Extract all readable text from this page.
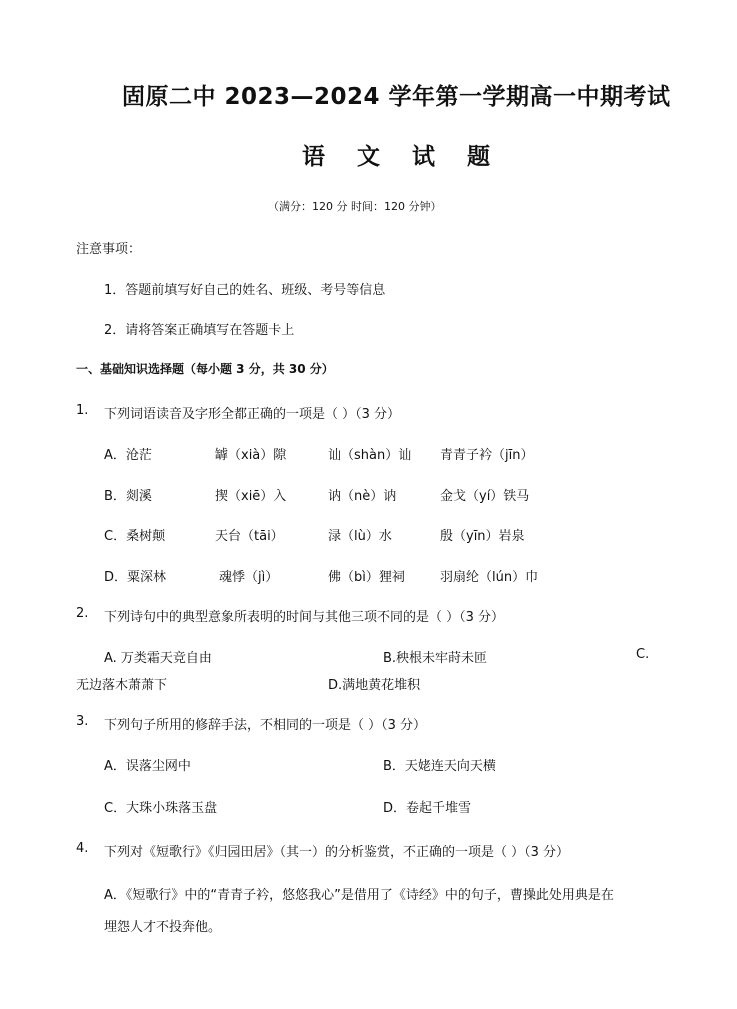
固原二中 2023—2024 学年第一学期高一中期考试
语 文 试 题
（满分：120 分 时间：120 分钟）
注意事项：
1．答题前填写好自己的姓名、班级、考号等信息
2．请将答案正确填写在答题卡上
一、基础知识选择题（每小题 3 分，共 30 分）
1. 下列词语读音及字形全都正确的一项是（ ）（3 分）
A．沧茫	罅（xià）隙	讪（shàn）讪 青青子衿（jīn）
B．剡溪	揳（xiē）入	讷（nè）讷	金戈（yí）铁马
C．桑树颠	天台（tāi）	渌（lù）水	殷（yīn）岩泉
D．粟深林	魂悸（jì）	佛（bì）狸祠	羽扇纶（lún）巾
2. 下列诗句中的典型意象所表明的时间与其他三项不同的是（ ）（3 分）
A. 万类霜天竞自由	B.秧根未牢莳未匝	C.
无边落木萧萧下	D.满地黄花堆积
3. 下列句子所用的修辞手法，不相同的一项是（ ）（3 分）
A．误落尘网中	B．天姥连天向天横
C．大珠小珠落玉盘	D．卷起千堆雪
4. 下列对《短歌行》《归园田居》（其一）的分析鉴赏，不正确的一项是（ ）（3 分）
A．《短歌行》中的“青青子衿，悠悠我心”是借用了《诗经》中的句子，曹操此处用典是在
埋怨人才不投奔他。
